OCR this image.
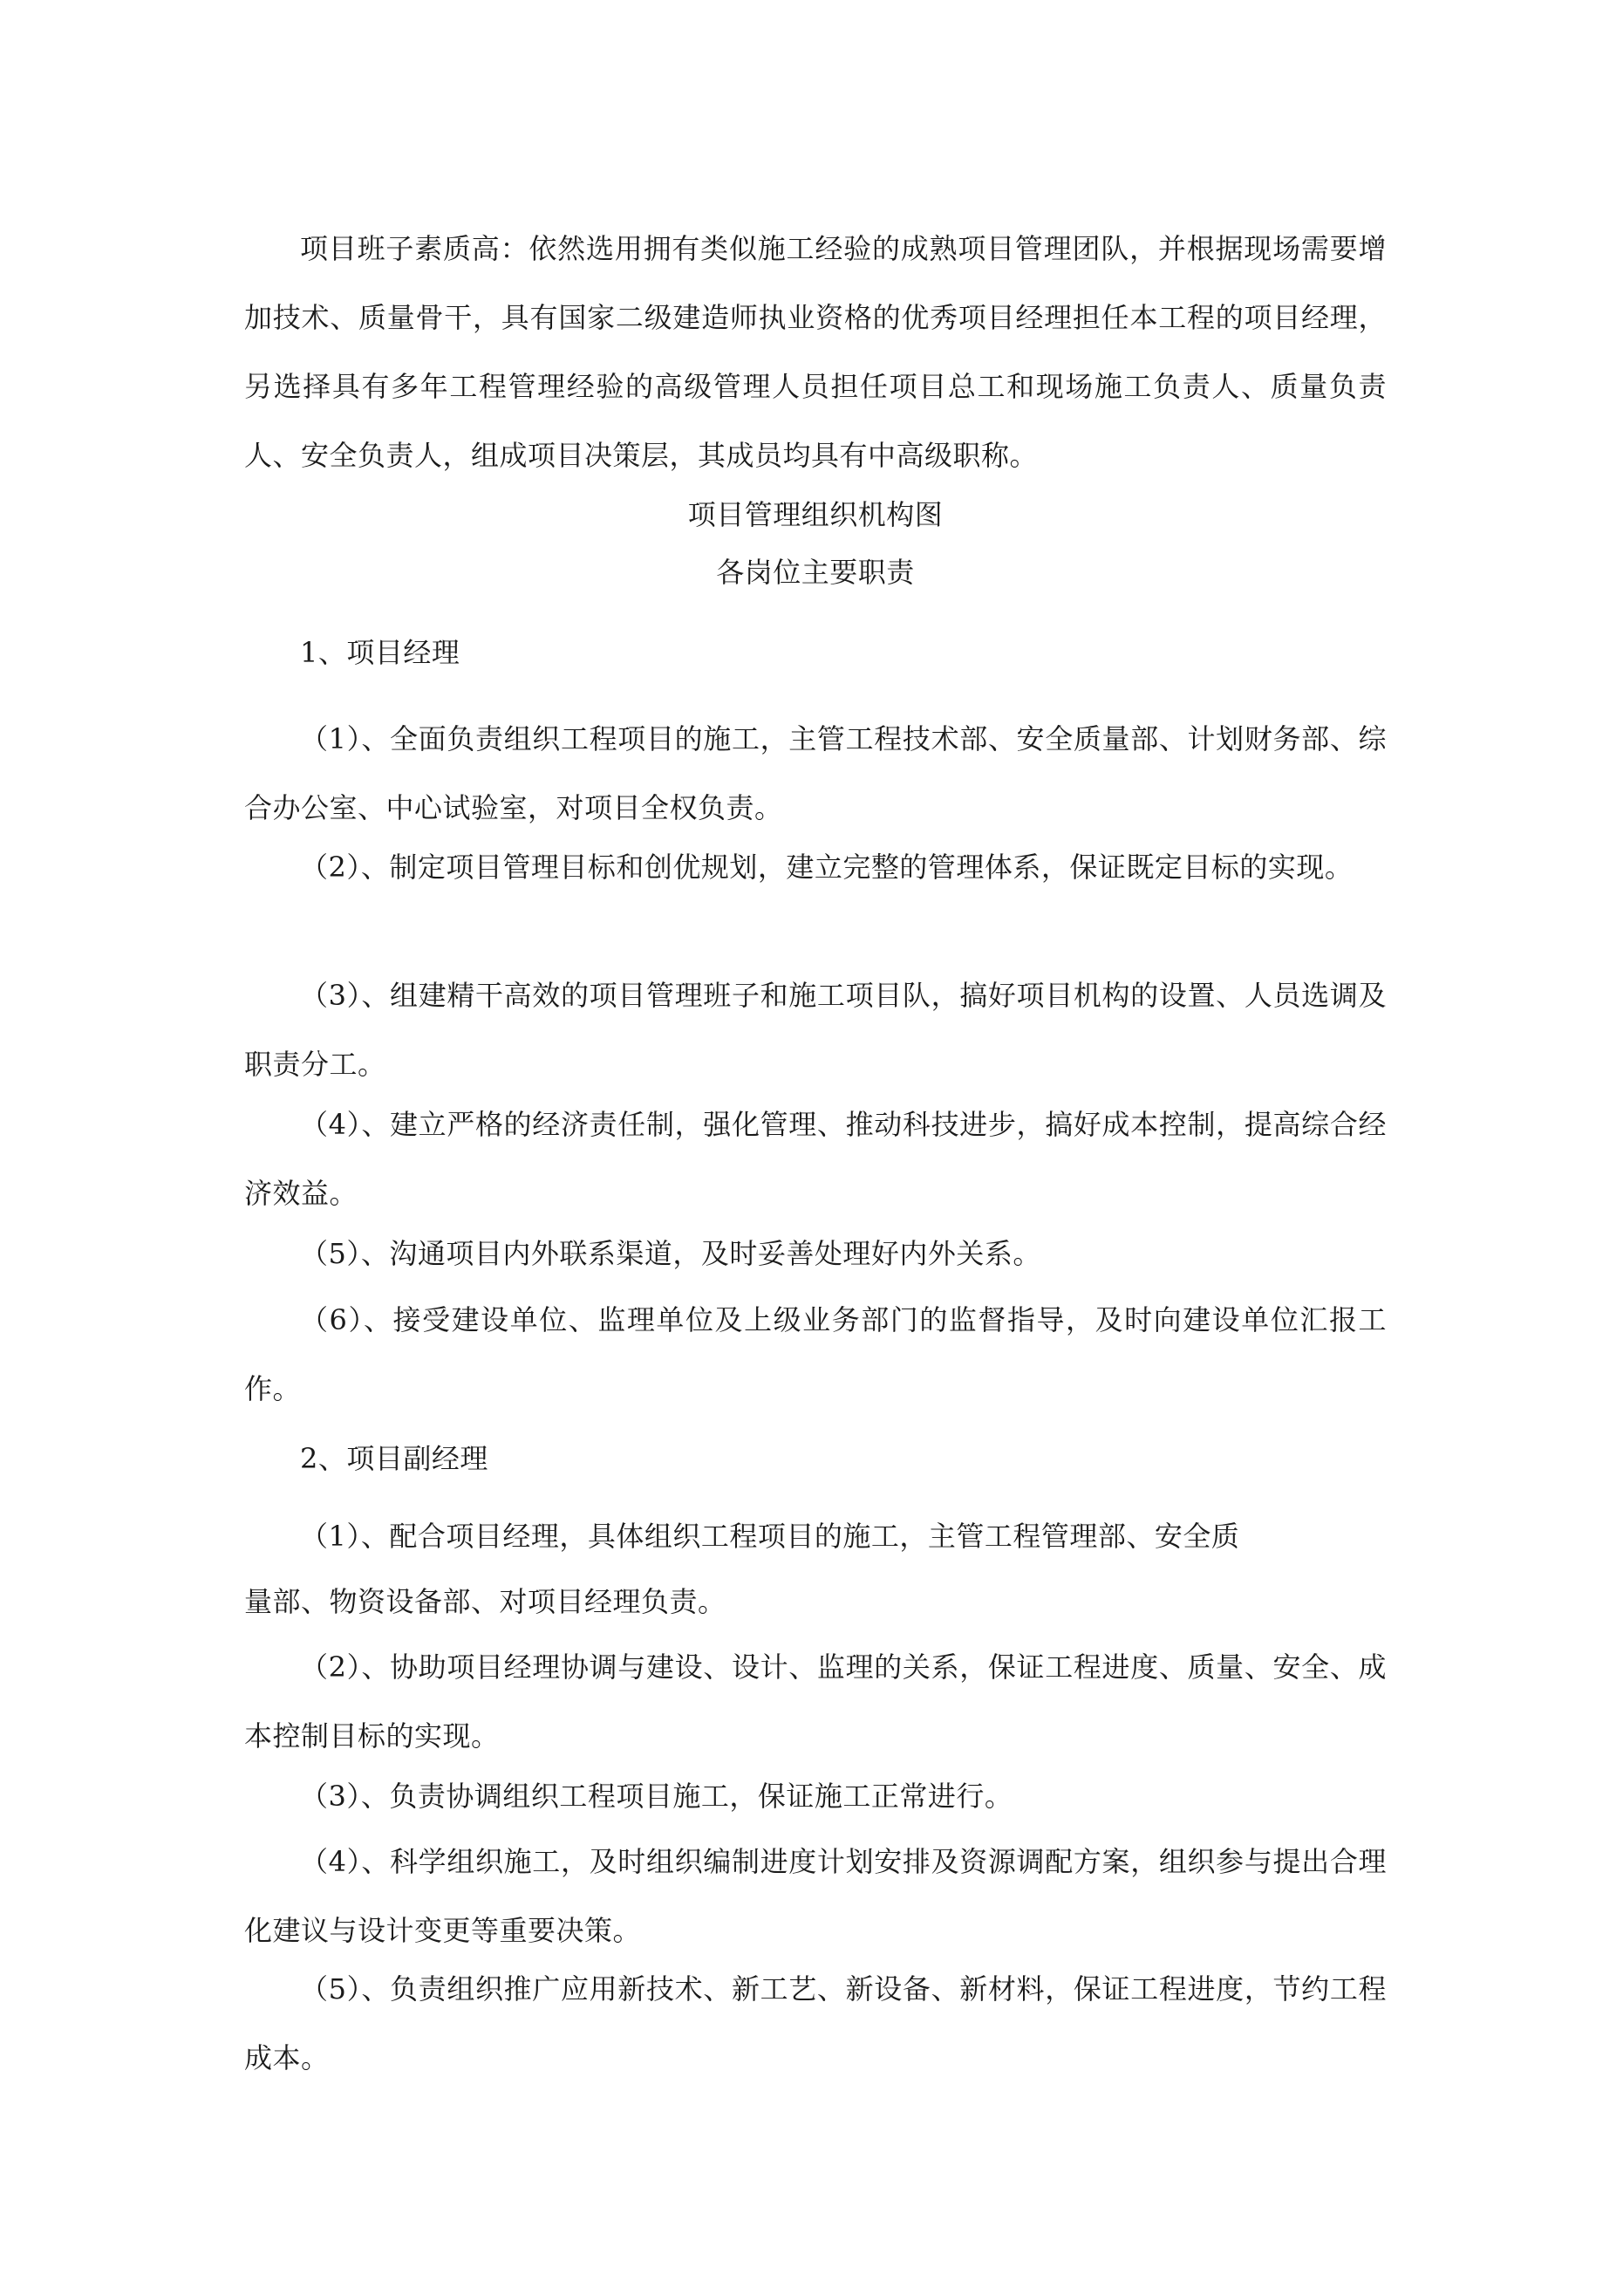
项目班子素质高：依然选用拥有类似施工经验的成熟项目管理团队，并根据现场需要增加技术、质量骨干，具有国家二级建造师执业资格的优秀项目经理担任本工程的项目经理，另选择具有多年工程管理经验的高级管理人员担任项目总工和现场施工负责人、质量负责人、安全负责人，组成项目决策层，其成员均具有中高级职称。

项目管理组织机构图

各岗位主要职责

1、项目经理

（1）、全面负责组织工程项目的施工，主管工程技术部、安全质量部、计划财务部、综合办公室、中心试验室，对项目全权负责。

（2）、制定项目管理目标和创优规划，建立完整的管理体系，保证既定目标的实现。

（3）、组建精干高效的项目管理班子和施工项目队，搞好项目机构的设置、人员选调及职责分工。

（4）、建立严格的经济责任制，强化管理、推动科技进步，搞好成本控制，提高综合经济效益。

（5）、沟通项目内外联系渠道，及时妥善处理好内外关系。

（6）、接受建设单位、监理单位及上级业务部门的监督指导，及时向建设单位汇报工作。

2、项目副经理

（1）、配合项目经理，具体组织工程项目的施工，主管工程管理部、安全质

量部、物资设备部、对项目经理负责。

（2）、协助项目经理协调与建设、设计、监理的关系，保证工程进度、质量、安全、成本控制目标的实现。

（3）、负责协调组织工程项目施工，保证施工正常进行。

（4）、科学组织施工，及时组织编制进度计划安排及资源调配方案，组织参与提出合理化建议与设计变更等重要决策。

（5）、负责组织推广应用新技术、新工艺、新设备、新材料，保证工程进度，节约工程成本。
